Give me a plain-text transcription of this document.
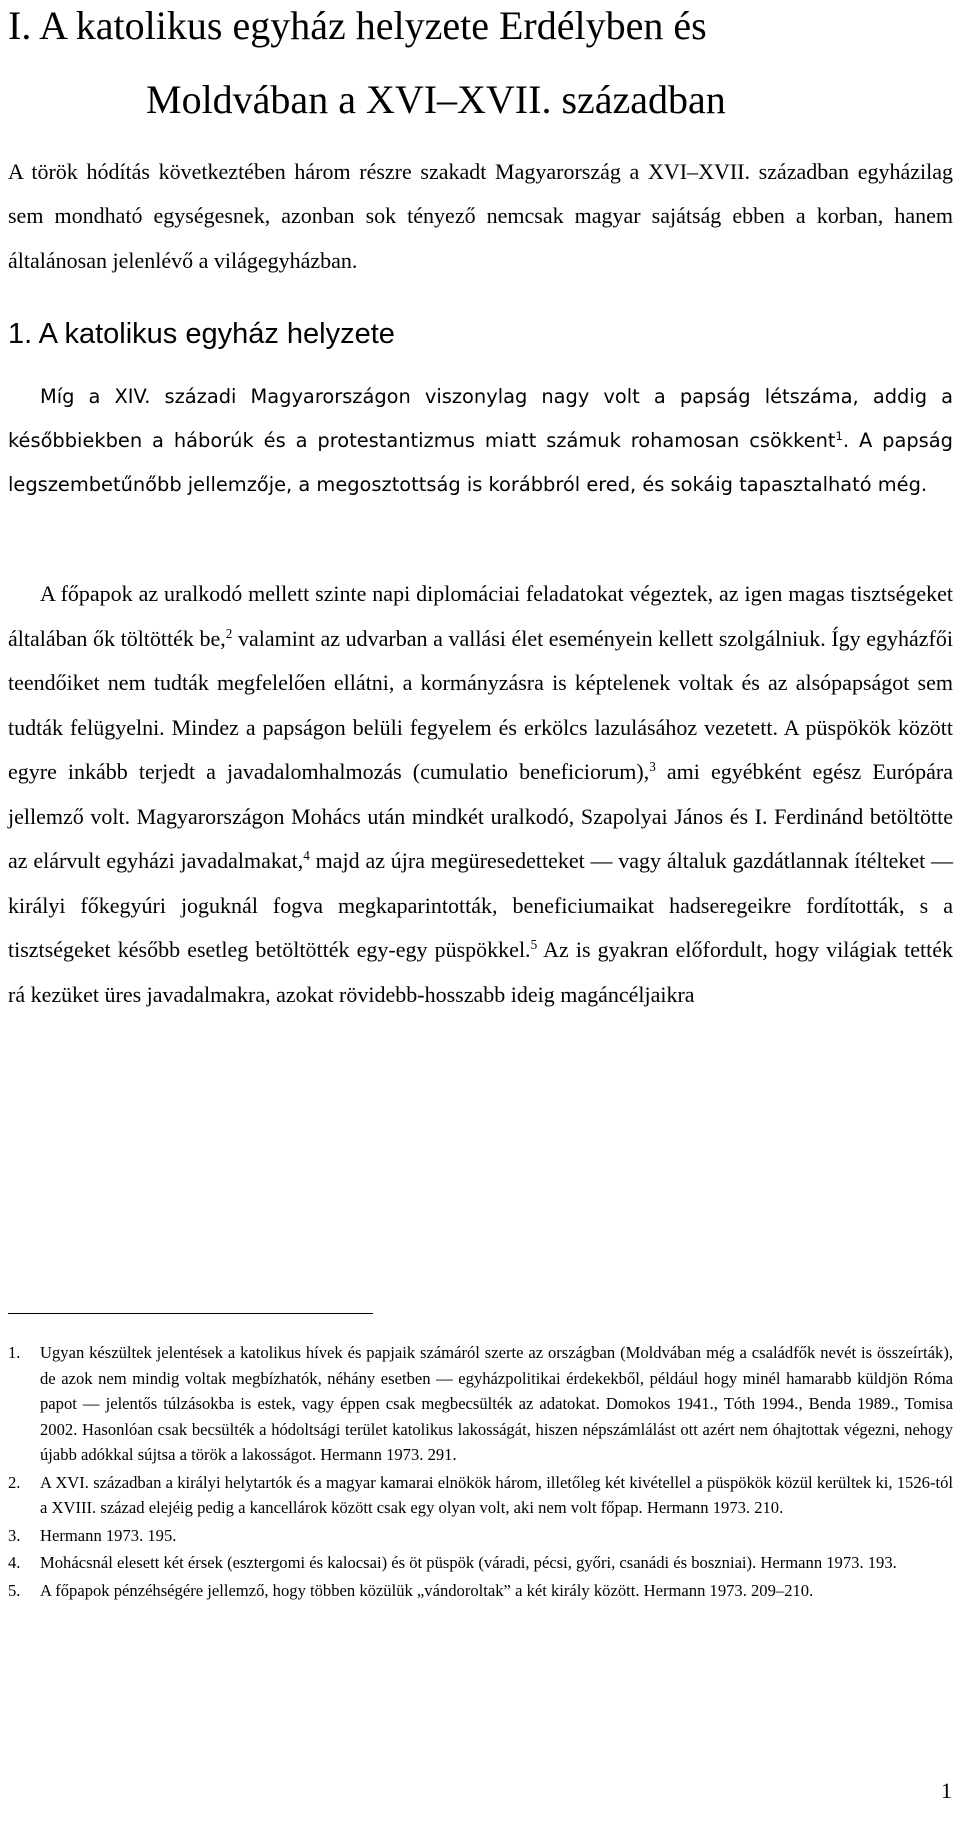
I. A katolikus egyház helyzete Erdélyben és
Moldvában a XVI–XVII. században

A török hódítás következtében három részre szakadt Magyarország a XVI–XVII. században egyházilag sem mondható egységesnek, azonban sok tényező nemcsak magyar sajátság ebben a korban, hanem általánosan jelenlévő a világegyházban.

1. A katolikus egyház helyzete

Míg a XIV. századi Magyarországon viszonylag nagy volt a papság létszáma, addig a későbbiekben a háborúk és a protestantizmus miatt számuk rohamosan csökkent$^1$. A papság legszembetűnőbb jellemzője, a megosztottság is korábbról ered, és sokáig tapasztalható még.

A főpapok az uralkodó mellett szinte napi diplomáciai feladatokat végeztek, az igen magas tisztségeket általában ők töltötték be,$^2$ valamint az udvarban a vallási élet eseményein kellett szolgálniuk. Így egyházfői teendőiket nem tudták megfelelően ellátni, a kormányzásra is képtelenek voltak és az alsópapságot sem tudták felügyelni. Mindez a papságon belüli fegyelem és erkölcs lazulásához vezetett. A püspökök között egyre inkább terjedt a javadalomhalmozás (cumulatio beneficiorum),$^3$ ami egyébként egész Európára jellemző volt. Magyarországon Mohács után mindkét uralkodó, Szapolyai János és I. Ferdinánd betöltötte az elárvult egyházi javadalmakat,$^4$ majd az újra megüresedetteket — vagy általuk gazdátlannak ítélteket — királyi főkegyúri joguknál fogva megkaparintották, beneficiumaikat hadseregeikre fordították, s a tisztségeket később esetleg betöltötték egy-egy püspökkel.$^5$ Az is gyakran előfordult, hogy világiak tették rá kezüket üres javadalmakra, azokat rövidebb-hosszabb ideig magáncéljaikra

1.	Ugyan készültek jelentések a katolikus hívek és papjaik számáról szerte az országban (Moldvában még a családfők nevét is összeírták), de azok nem mindig voltak megbízhatók, néhány esetben — egyházpolitikai érdekekből, például hogy minél hamarabb küldjön Róma papot — jelentős túlzásokba is estek, vagy éppen csak megbecsülték az adatokat. Domokos 1941., Tóth 1994., Benda 1989., Tomisa 2002. Hasonlóan csak becsülték a hódoltsági terület katolikus lakosságát, hiszen népszámlálást ott azért nem óhajtottak végezni, nehogy újabb adókkal sújtsa a török a lakosságot. Hermann 1973. 291.
2.	A XVI. században a királyi helytartók és a magyar kamarai elnökök három, illetőleg két kivétellel a püspökök közül kerültek ki, 1526-tól a XVIII. század elejéig pedig a kancellárok között csak egy olyan volt, aki nem volt főpap. Hermann 1973. 210.
3.	Hermann 1973. 195.
4.	Mohácsnál elesett két érsek (esztergomi és kalocsai) és öt püspök (váradi, pécsi, győri, csanádi és boszniai). Hermann 1973. 193.
5.	A főpapok pénzéhségére jellemző, hogy többen közülük „vándoroltak” a két király között. Hermann 1973. 209–210.
1
